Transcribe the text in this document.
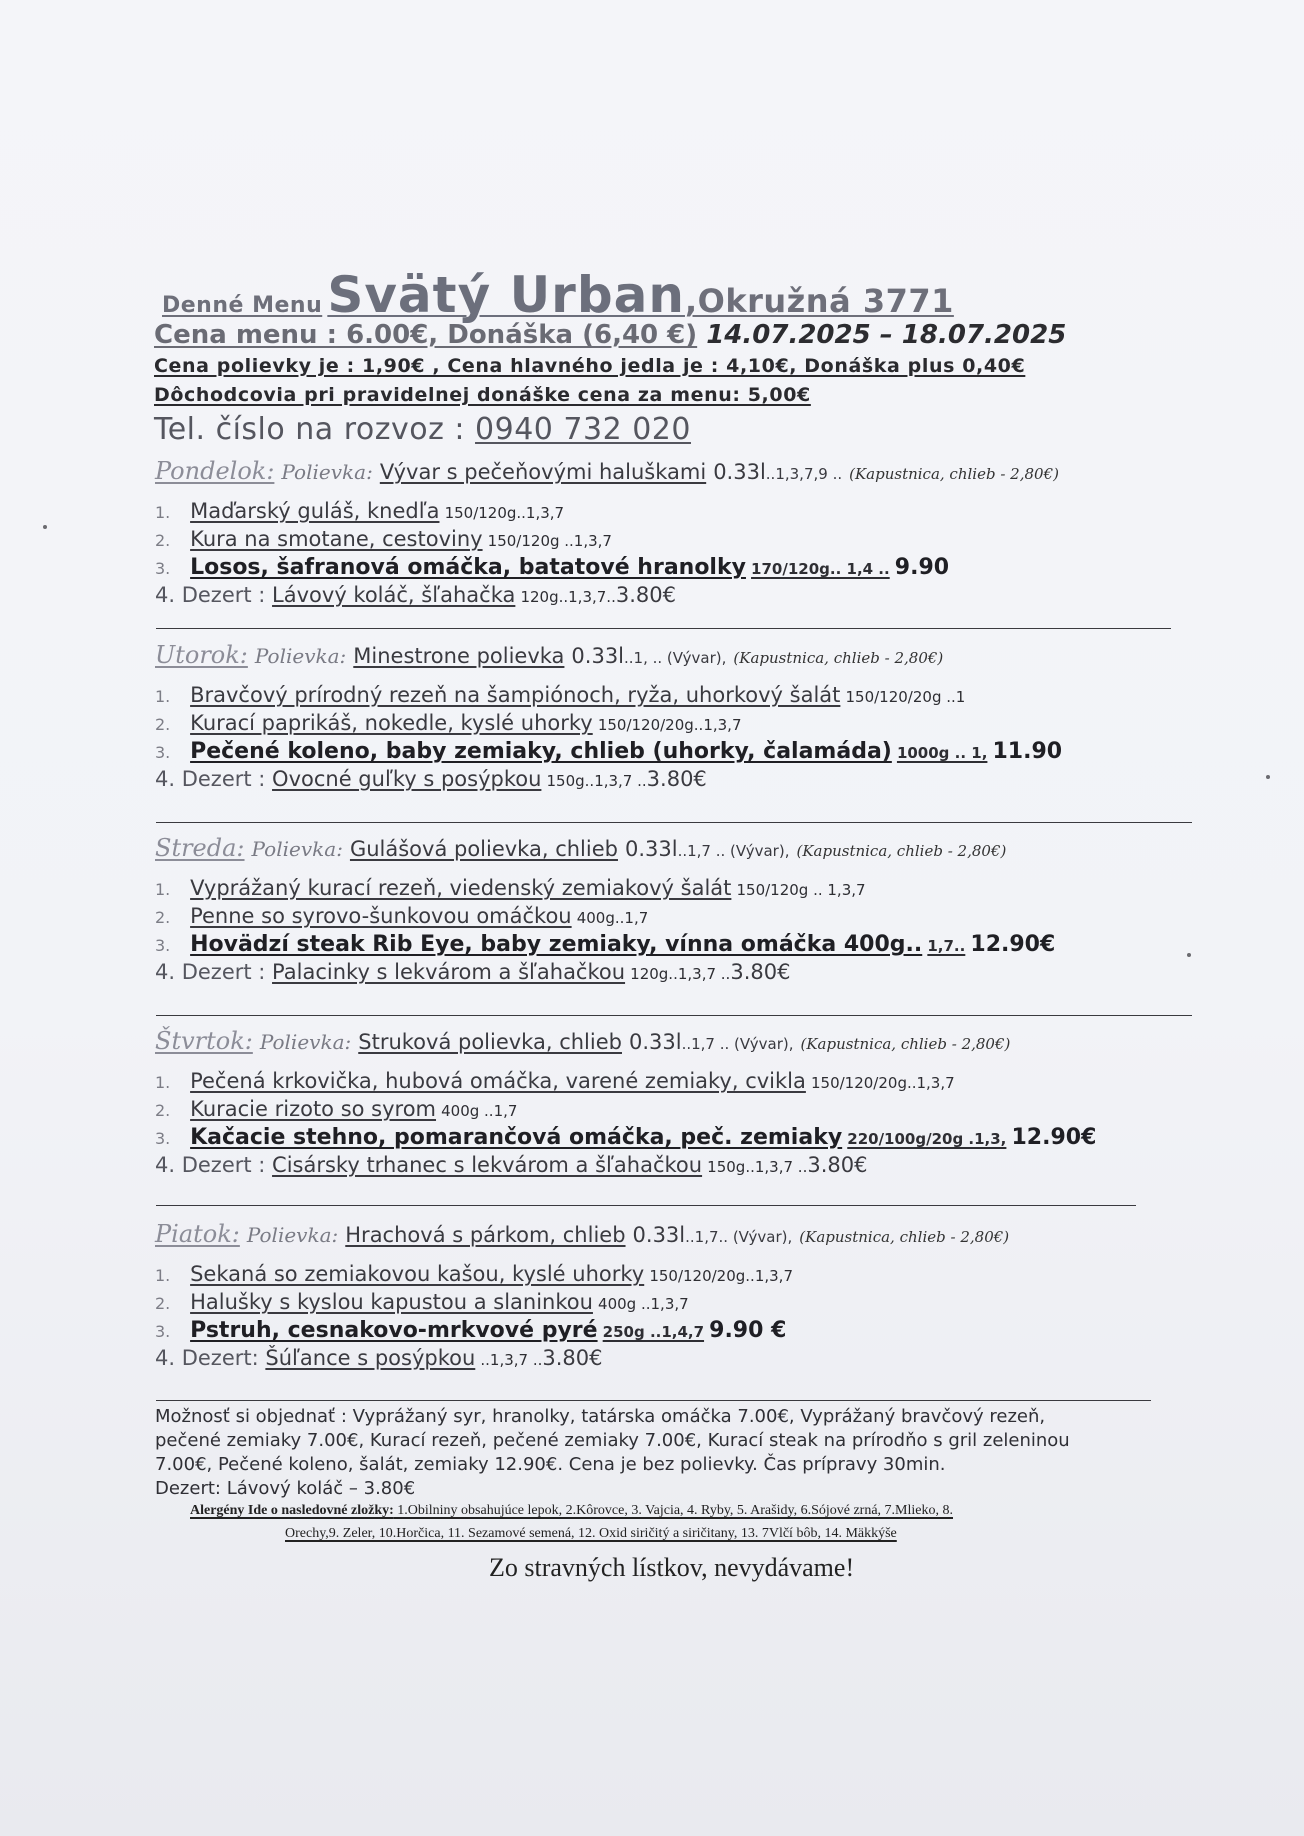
Denné Menu Svätý Urban,Okružná 3771
Cena menu : 6.00€, Donáška (6,40 €) 14.07.2025 – 18.07.2025
Cena polievky je : 1,90€ , Cena hlavného jedla je : 4,10€, Donáška plus 0,40€
Dôchodcovia pri pravidelnej donáške cena za menu: 5,00€
Tel. číslo na rozvoz : 0940 732 020
Pondelok: Polievka: Vývar s pečeňovými haluškami 0.33l..1,3,7,9 .. (Kapustnica, chlieb - 2,80€)
1. Maďarský guláš, knedľa 150/120g..1,3,7
2. Kura na smotane, cestoviny 150/120g ..1,3,7
3. Losos, šafranová omáčka, batatové hranolky 170/120g.. 1,4 .. 9.90
4. Dezert : Lávový koláč, šľahačka 120g..1,3,7..3.80€
Utorok: Polievka: Minestrone polievka 0.33l..1, .. (Vývar), (Kapustnica, chlieb - 2,80€)
1. Bravčový prírodný rezeň na šampiónoch, ryža, uhorkový šalát 150/120/20g ..1
2. Kurací paprikáš, nokedle, kyslé uhorky 150/120/20g..1,3,7
3. Pečené koleno, baby zemiaky, chlieb (uhorky, čalamáda) 1000g .. 1, 11.90
4. Dezert : Ovocné guľky s posýpkou 150g..1,3,7 ..3.80€
Streda: Polievka: Gulášová polievka, chlieb 0.33l..1,7 .. (Vývar), (Kapustnica, chlieb - 2,80€)
1. Vyprážaný kurací rezeň, viedenský zemiakový šalát 150/120g .. 1,3,7
2. Penne so syrovo-šunkovou omáčkou 400g..1,7
3. Hovädzí steak Rib Eye, baby zemiaky, vínna omáčka 400g.. 1,7.. 12.90€
4. Dezert : Palacinky s lekvárom a šľahačkou 120g..1,3,7 ..3.80€
Štvrtok: Polievka: Struková polievka, chlieb 0.33l..1,7 .. (Vývar), (Kapustnica, chlieb - 2,80€)
1. Pečená krkovička, hubová omáčka, varené zemiaky, cvikla 150/120/20g..1,3,7
2. Kuracie rizoto so syrom 400g ..1,7
3. Kačacie stehno, pomarančová omáčka, peč. zemiaky 220/100g/20g .1,3, 12.90€
4. Dezert : Cisársky trhanec s lekvárom a šľahačkou 150g..1,3,7 ..3.80€
Piatok: Polievka: Hrachová s párkom, chlieb 0.33l..1,7.. (Vývar), (Kapustnica, chlieb - 2,80€)
1. Sekaná so zemiakovou kašou, kyslé uhorky 150/120/20g..1,3,7
2. Halušky s kyslou kapustou a slaninkou 400g ..1,3,7
3. Pstruh, cesnakovo-mrkvové pyré 250g ..1,4,7 9.90 €
4. Dezert: Šúľance s posýpkou ..1,3,7 ..3.80€
Možnosť si objednať : Vyprážaný syr, hranolky, tatárska omáčka 7.00€, Vyprážaný bravčový rezeň,
pečené zemiaky 7.00€, Kurací rezeň, pečené zemiaky 7.00€, Kurací steak na prírodňo s gril zeleninou
7.00€, Pečené koleno, šalát, zemiaky 12.90€. Cena je bez polievky. Čas prípravy 30min.
Dezert: Lávový koláč – 3.80€
Alergény Ide o nasledovné zložky: 1.Obilniny obsahujúce lepok, 2.Kôrovce, 3. Vajcia, 4. Ryby, 5. Arašidy, 6.Sójové zrná, 7.Mlieko, 8.
Orechy,9. Zeler, 10.Horčica, 11. Sezamové semená, 12. Oxid siričitý a siričitany, 13. 7Vlčí bôb, 14. Mäkkýše
Zo stravných lístkov, nevydávame!
